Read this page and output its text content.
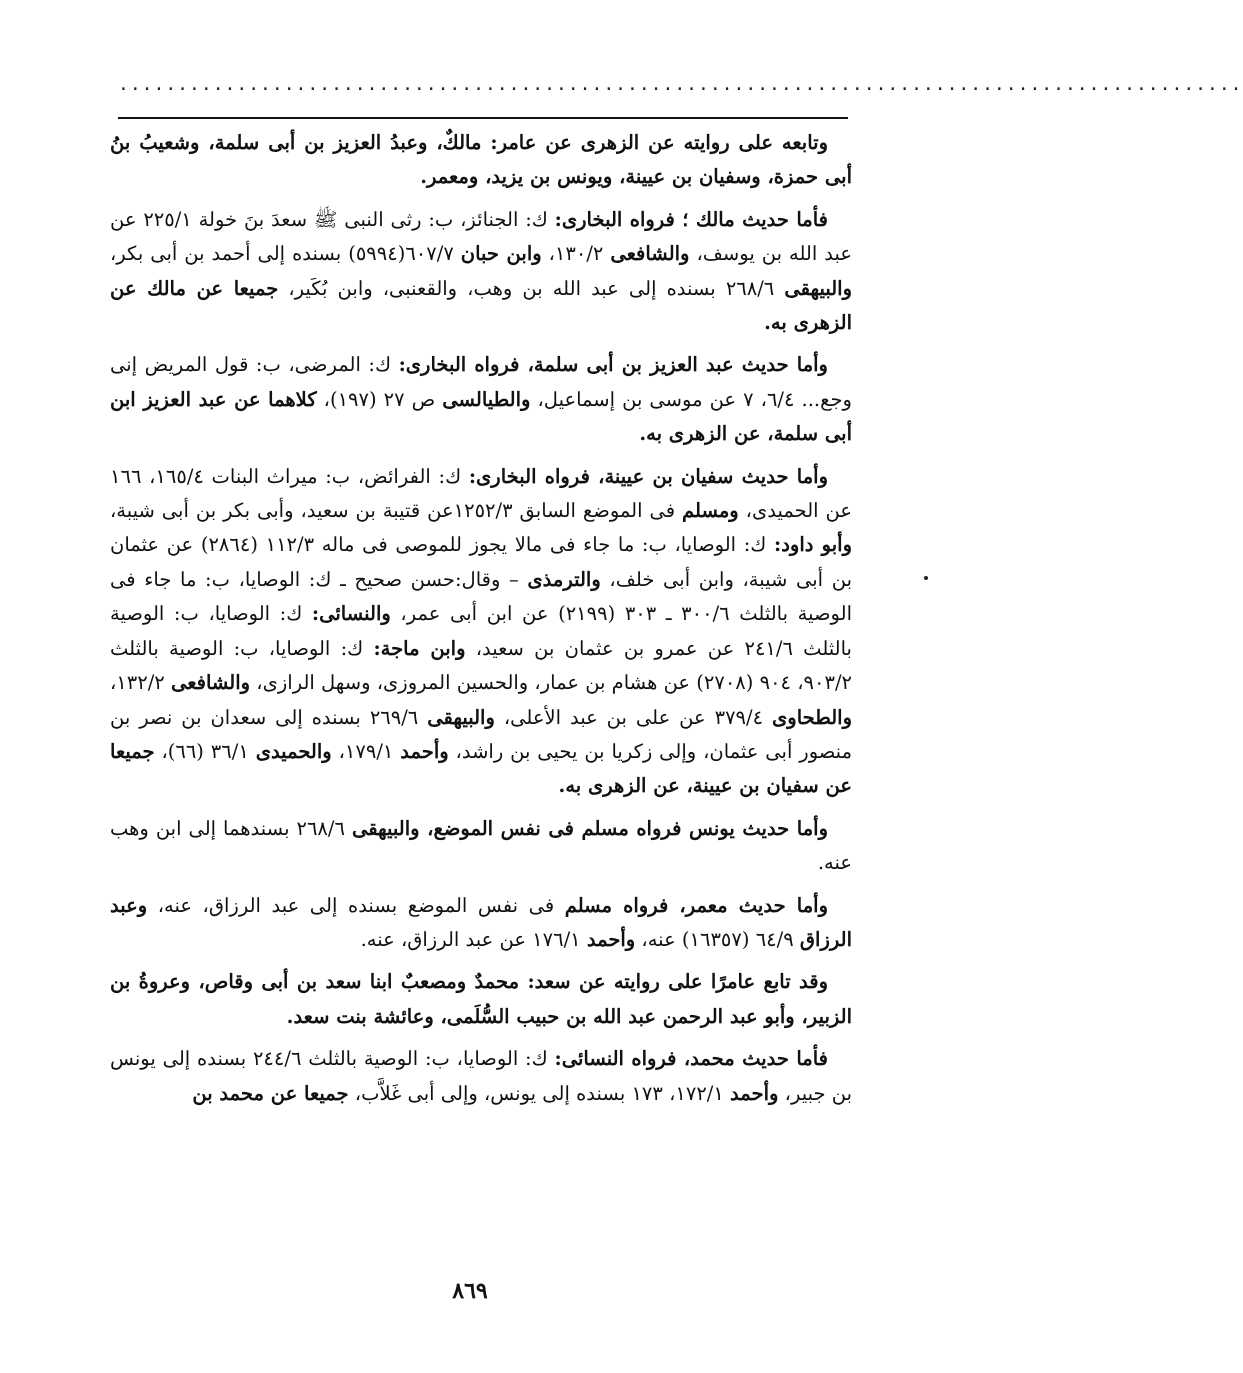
...............................................................................................

وتابعه على روايته عن الزهرى عن عامر: مالكٌ، وعبدُ العزيز بن أبى سلمة، وشعيبُ بنُ أبى حمزة، وسفيان بن عيينة، ويونس بن يزيد، ومعمر.

فأما حديث مالك ؛ فرواه البخارى: ك: الجنائز، ب: رثى النبى ﷺ سعدَ بنَ خولة ٢٢٥/١ عن عبد الله بن يوسف، والشافعى ١٣٠/٢، وابن حبان ٦٠٧/٧(٥٩٩٤) بسنده إلى أحمد بن أبى بكر، والبيهقى ٢٦٨/٦ بسنده إلى عبد الله بن وهب، والقعنبى، وابن بُكَير، جميعا عن مالك عن الزهرى به.

وأما حديث عبد العزيز بن أبى سلمة، فرواه البخارى: ك: المرضى، ب: قول المريض إنى وجع... ٦/٤، ٧ عن موسى بن إسماعيل، والطيالسى ص ٢٧ (١٩٧)، كلاهما عن عبد العزيز ابن أبى سلمة، عن الزهرى به.

وأما حديث سفيان بن عيينة، فرواه البخارى: ك: الفرائض، ب: ميراث البنات ١٦٥/٤، ١٦٦ عن الحميدى، ومسلم فى الموضع السابق ١٢٥٢/٣عن قتيبة بن سعيد، وأبى بكر بن أبى شيبة، وأبو داود: ك: الوصايا، ب: ما جاء فى مالا يجوز للموصى فى ماله ١١٢/٣ (٢٨٦٤) عن عثمان بن أبى شيبة، وابن أبى خلف، والترمذى – وقال:حسن صحيح ـ ك: الوصايا، ب: ما جاء فى الوصية بالثلث ٣٠٠/٦ ـ ٣٠٣ (٢١٩٩) عن ابن أبى عمر، والنسائى: ك: الوصايا، ب: الوصية بالثلث ٢٤١/٦ عن عمرو بن عثمان بن سعيد، وابن ماجة: ك: الوصايا، ب: الوصية بالثلث ٩٠٣/٢، ٩٠٤ (٢٧٠٨) عن هشام بن عمار، والحسين المروزى، وسهل الرازى، والشافعى ١٣٢/٢، والطحاوى ٣٧٩/٤ عن على بن عبد الأعلى، والبيهقى ٢٦٩/٦ بسنده إلى سعدان بن نصر بن منصور أبى عثمان، وإلى زكريا بن يحيى بن راشد، وأحمد ١٧٩/١، والحميدى ٣٦/١ (٦٦)، جميعا عن سفيان بن عيينة، عن الزهرى به.

وأما حديث يونس فرواه مسلم فى نفس الموضع، والبيهقى ٢٦٨/٦ بسندهما إلى ابن وهب عنه.

وأما حديث معمر، فرواه مسلم فى نفس الموضع بسنده إلى عبد الرزاق، عنه، وعبد الرزاق ٦٤/٩ (١٦٣٥٧) عنه، وأحمد ١٧٦/١ عن عبد الرزاق، عنه.

وقد تابع عامرًا على روايته عن سعد: محمدٌ ومصعبٌ ابنا سعد بن أبى وقاص، وعروةُ بن الزبير، وأبو عبد الرحمن عبد الله بن حبيب السُّلَمى، وعائشة بنت سعد.

فأما حديث محمد، فرواه النسائى: ك: الوصايا، ب: الوصية بالثلث ٢٤٤/٦ بسنده إلى يونس بن جبير، وأحمد ١٧٢/١، ١٧٣ بسنده إلى يونس، وإلى أبى غَلاَّب، جميعا عن محمد بن

٨٦٩
